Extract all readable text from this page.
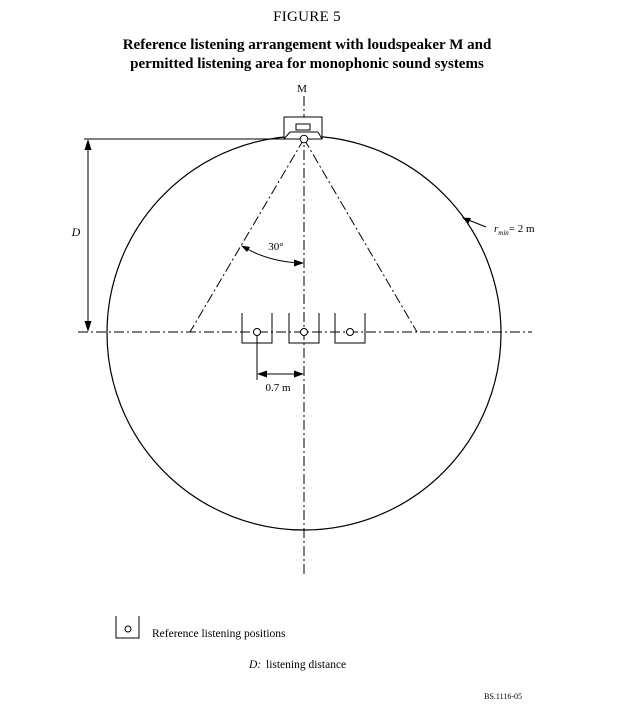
FIGURE 5
Reference listening arrangement with loudspeaker M and
permitted listening area for monophonic sound systems
M
D
30°
$r_{min}= 2$ m
0.7 m
Reference listening positions
D: listening distance
BS.1116-05
